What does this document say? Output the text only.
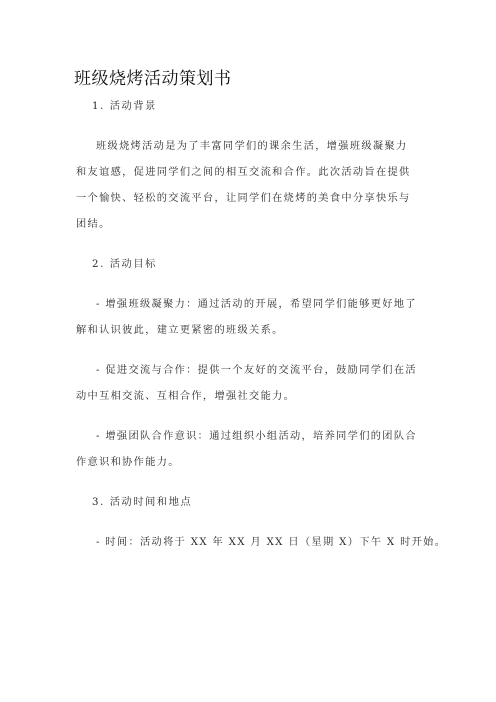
班级烧烤活动策划书
1. 活动背景
班级烧烤活动是为了丰富同学们的课余生活，增强班级凝聚力
和友谊感，促进同学们之间的相互交流和合作。此次活动旨在提供
一个愉快、轻松的交流平台，让同学们在烧烤的美食中分享快乐与
团结。
2. 活动目标
- 增强班级凝聚力：通过活动的开展，希望同学们能够更好地了
解和认识彼此，建立更紧密的班级关系。
- 促进交流与合作：提供一个友好的交流平台，鼓励同学们在活
动中互相交流、互相合作，增强社交能力。
- 增强团队合作意识：通过组织小组活动，培养同学们的团队合
作意识和协作能力。
3. 活动时间和地点
- 时间：活动将于 XX 年 XX 月 XX 日（星期 X）下午 X 时开始。
